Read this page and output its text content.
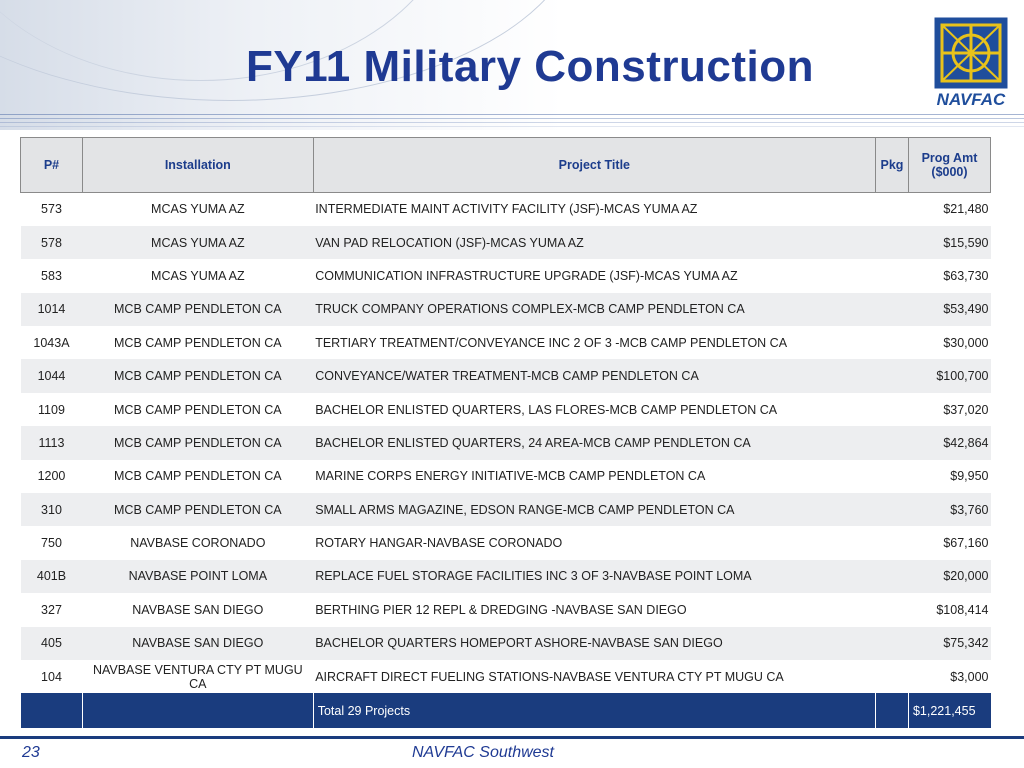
FY11 Military Construction
NAVFAC
P#	Installation	Project Title	Pkg	Prog Amt ($000)
573	MCAS YUMA AZ	INTERMEDIATE MAINT ACTIVITY FACILITY (JSF)-MCAS YUMA AZ		$21,480
578	MCAS YUMA AZ	VAN PAD RELOCATION (JSF)-MCAS YUMA AZ		$15,590
583	MCAS YUMA AZ	COMMUNICATION INFRASTRUCTURE UPGRADE (JSF)-MCAS YUMA AZ		$63,730
1014	MCB CAMP PENDLETON CA	TRUCK COMPANY OPERATIONS COMPLEX-MCB CAMP PENDLETON CA		$53,490
1043A	MCB CAMP PENDLETON CA	TERTIARY TREATMENT/CONVEYANCE INC 2 OF 3 -MCB CAMP PENDLETON CA		$30,000
1044	MCB CAMP PENDLETON CA	CONVEYANCE/WATER TREATMENT-MCB CAMP PENDLETON CA		$100,700
1109	MCB CAMP PENDLETON CA	BACHELOR ENLISTED QUARTERS, LAS FLORES-MCB CAMP PENDLETON CA		$37,020
1113	MCB CAMP PENDLETON CA	BACHELOR ENLISTED QUARTERS, 24 AREA-MCB CAMP PENDLETON CA		$42,864
1200	MCB CAMP PENDLETON CA	MARINE CORPS ENERGY INITIATIVE-MCB CAMP PENDLETON CA		$9,950
310	MCB CAMP PENDLETON CA	SMALL ARMS MAGAZINE, EDSON RANGE-MCB CAMP PENDLETON CA		$3,760
750	NAVBASE CORONADO	ROTARY HANGAR-NAVBASE CORONADO		$67,160
401B	NAVBASE POINT LOMA	REPLACE FUEL STORAGE FACILITIES INC 3 OF 3-NAVBASE POINT LOMA		$20,000
327	NAVBASE SAN DIEGO	BERTHING PIER 12 REPL & DREDGING -NAVBASE SAN DIEGO		$108,414
405	NAVBASE SAN DIEGO	BACHELOR QUARTERS HOMEPORT ASHORE-NAVBASE SAN DIEGO		$75,342
104	NAVBASE VENTURA CTY PT MUGU CA	AIRCRAFT DIRECT FUELING STATIONS-NAVBASE VENTURA CTY PT MUGU CA		$3,000
		Total 29 Projects		$1,221,455
23	NAVFAC Southwest
